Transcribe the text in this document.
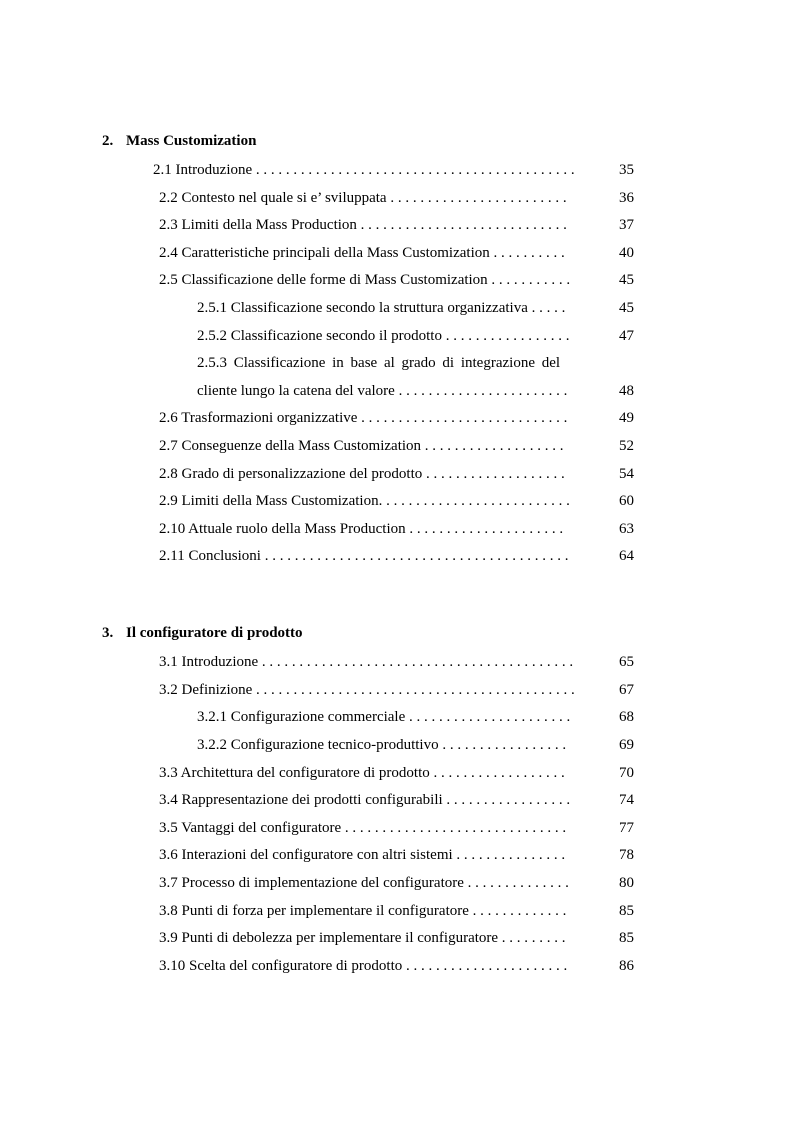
2. Mass Customization
2.1 Introduzione . . . . . . . . . . . . . . . . . . . . . . . . . . . . . . . . . . . . . . . . . . .	35
2.2 Contesto nel quale si e’ sviluppata . . . . . . . . . . . . . . . . . . . . . . . .	36
2.3 Limiti della Mass Production . . . . . . . . . . . . . . . . . . . . . . . . . . . .	37
2.4 Caratteristiche principali della Mass Customization . . . . . . . . . .	40
2.5 Classificazione delle forme di Mass Customization . . . . . . . . . . .	45
2.5.1 Classificazione secondo la struttura organizzativa . . . . .	45
2.5.2 Classificazione secondo il prodotto . . . . . . . . . . . . . . . . .	47
2.5.3 Classificazione in base al grado di integrazione del
cliente lungo la catena del valore . . . . . . . . . . . . . . . . . . . . . . .	48
2.6 Trasformazioni organizzative . . . . . . . . . . . . . . . . . . . . . . . . . . . .	49
2.7 Conseguenze della Mass Customization . . . . . . . . . . . . . . . . . . .	52
2.8 Grado di personalizzazione del prodotto . . . . . . . . . . . . . . . . . . .	54
2.9 Limiti della Mass Customization. . . . . . . . . . . . . . . . . . . . . . . . . .	60
2.10 Attuale ruolo della Mass Production . . . . . . . . . . . . . . . . . . . . .	63
2.11 Conclusioni . . . . . . . . . . . . . . . . . . . . . . . . . . . . . . . . . . . . . . . . .	64
3. Il configuratore di prodotto
3.1 Introduzione . . . . . . . . . . . . . . . . . . . . . . . . . . . . . . . . . . . . . . . . . .	65
3.2 Definizione . . . . . . . . . . . . . . . . . . . . . . . . . . . . . . . . . . . . . . . . . . .	67
3.2.1 Configurazione commerciale . . . . . . . . . . . . . . . . . . . . . .	68
3.2.2 Configurazione tecnico-produttivo . . . . . . . . . . . . . . . . .	69
3.3 Architettura del configuratore di prodotto . . . . . . . . . . . . . . . . . .	70
3.4 Rappresentazione dei prodotti configurabili . . . . . . . . . . . . . . . . .	74
3.5 Vantaggi del configuratore . . . . . . . . . . . . . . . . . . . . . . . . . . . . . .	77
3.6 Interazioni del configuratore con altri sistemi . . . . . . . . . . . . . . .	78
3.7 Processo di implementazione del configuratore . . . . . . . . . . . . . .	80
3.8 Punti di forza per implementare il configuratore . . . . . . . . . . . . .	85
3.9 Punti di debolezza per implementare il configuratore . . . . . . . . .	85
3.10 Scelta del configuratore di prodotto . . . . . . . . . . . . . . . . . . . . . .	86
